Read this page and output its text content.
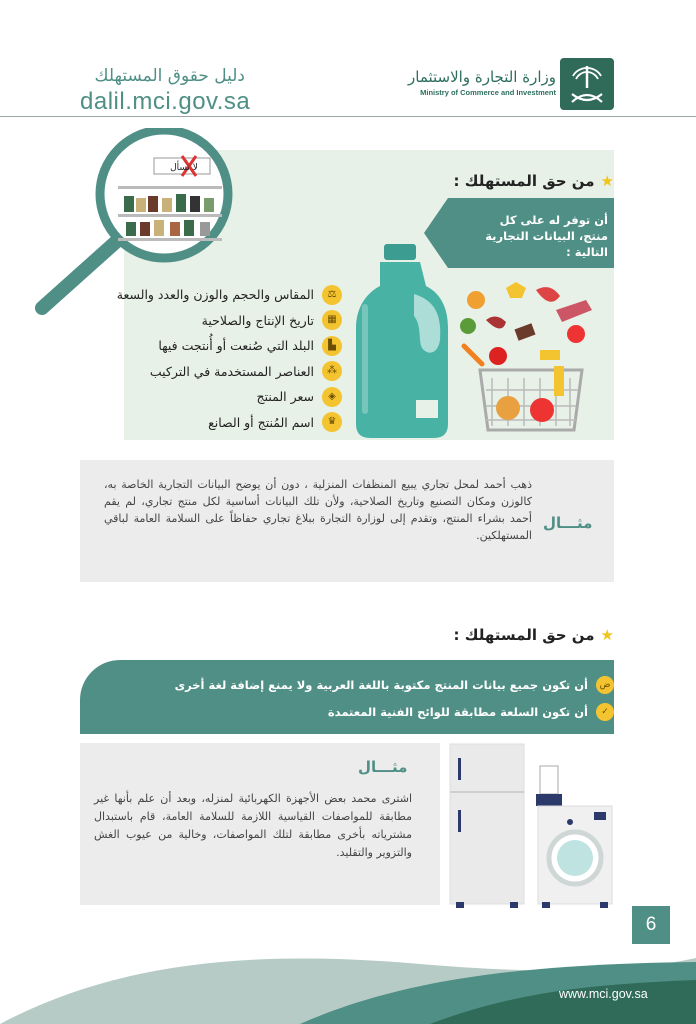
دليل حقوق المستهلك
dalil.mci.gov.sa
وزارة التجارة والاستثمار
Ministry of Commerce and Investment
★من حق المستهلك :
أن توفر له على كل منتج، البيانات التجارية التالية :
لا تسأل
⚖
المقاس والحجم والوزن والعدد والسعة
▦
تاريخ الإنتاج والصلاحية
▙
البلد التي صُنعت أو أُنتجت فيها
⁂
العناصر المستخدمة في التركيب
◈
سعر المنتج
♛
اسم المُنتج أو الصانع
مثـــال
ذهب أحمد لمحل تجاري يبيع المنظفات المنزلية ، دون أن يوضح البيانات التجارية الخاصة به، كالوزن ومكان التصنيع وتاريخ الصلاحية، ولأن تلك البيانات أساسية لكل منتج تجاري، لم يقم أحمد بشراء المنتج، وتقدم إلى لوزارة التجارة ببلاغ تجاري حفاظاً على السلامة العامة لباقي المستهلكين.
★من حق المستهلك :
ض
أن تكون جميع بيانات المنتج مكتوبة باللغة العربية ولا يمنع إضافة لغة أخرى
✓
أن تكون السلعة مطابقة للوائح الفنية المعتمدة
مثـــال
اشترى محمد بعض الأجهزة الكهربائية لمنزله، وبعد أن علم بأنها غير مطابقة للمواصفات القياسية اللازمة للسلامة العامة، قام باستبدال مشترياته بأخرى مطابقة لتلك المواصفات، وخالية من عيوب الغش والتزوير والتقليد.
6
www.mci.gov.sa
